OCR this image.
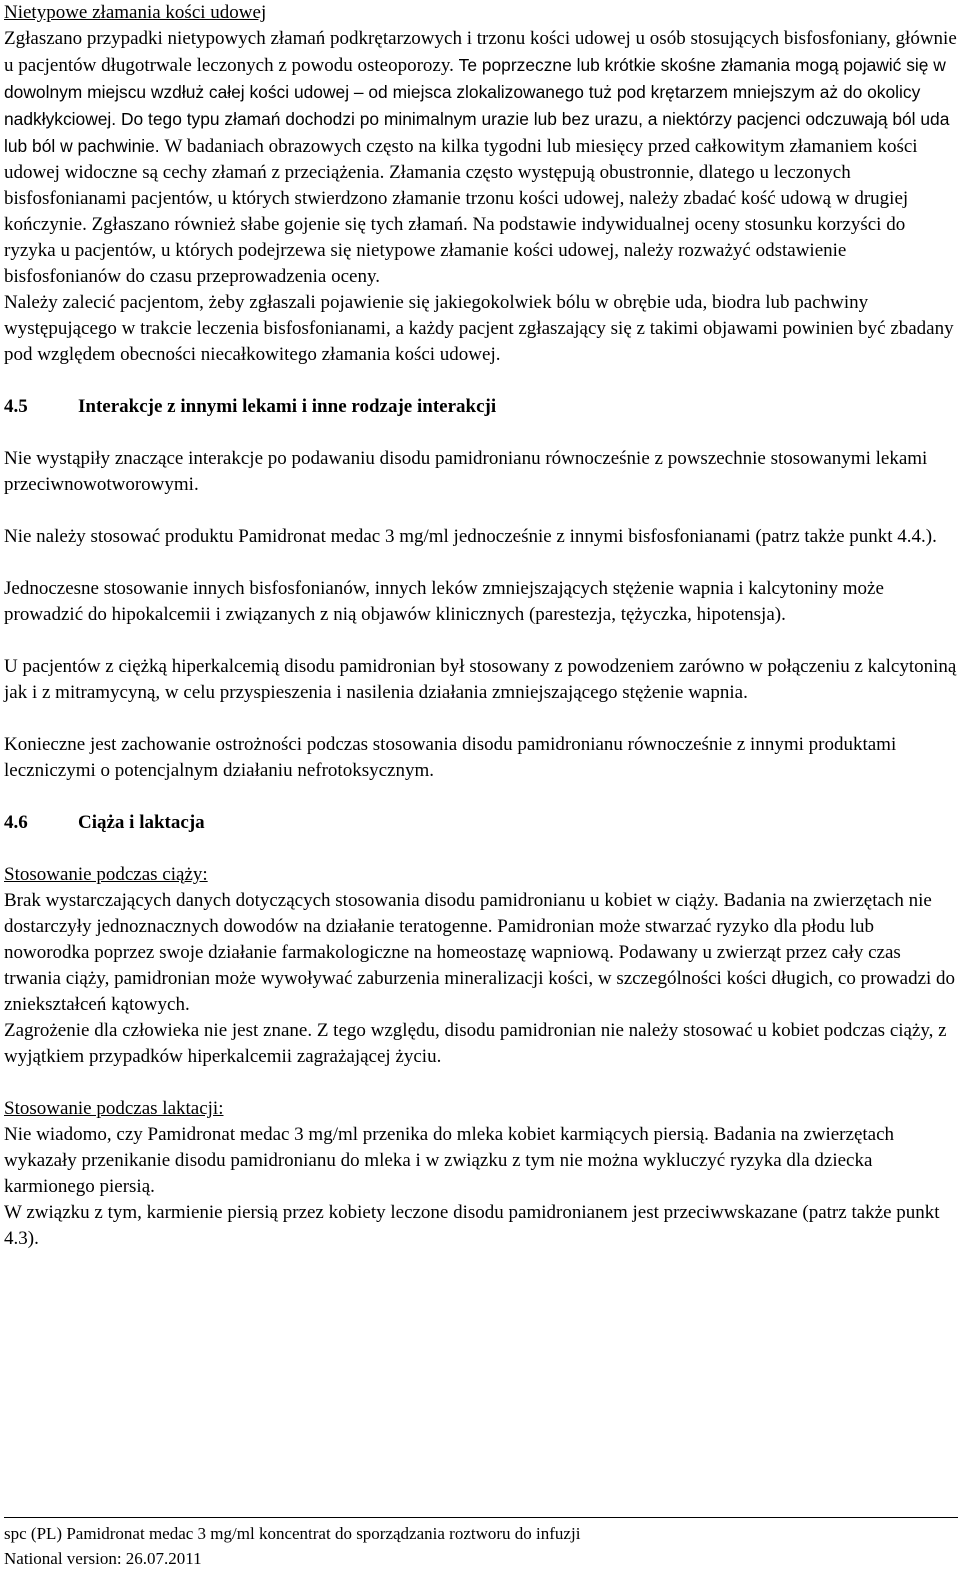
Nietypowe złamania kości udowej

Zgłaszano przypadki nietypowych złamań podkrętarzowych i trzonu kości udowej u osób stosujących bisfosfoniany, głównie u pacjentów długotrwale leczonych z powodu osteoporozy. Te poprzeczne lub krótkie skośne złamania mogą pojawić się w dowolnym miejscu wzdłuż całej kości udowej – od miejsca zlokalizowanego tuż pod krętarzem mniejszym aż do okolicy nadkłykciowej. Do tego typu złamań dochodzi po minimalnym urazie lub bez urazu, a niektórzy pacjenci odczuwają ból uda lub ból w pachwinie. W badaniach obrazowych często na kilka tygodni lub miesięcy przed całkowitym złamaniem kości udowej widoczne są cechy złamań z przeciążenia. Złamania często występują obustronnie, dlatego u leczonych bisfosfonianami pacjentów, u których stwierdzono złamanie trzonu kości udowej, należy zbadać kość udową w drugiej kończynie. Zgłaszano również słabe gojenie się tych złamań. Na podstawie indywidualnej oceny stosunku korzyści do ryzyka u pacjentów, u których podejrzewa się nietypowe złamanie kości udowej, należy rozważyć odstawienie bisfosfonianów do czasu przeprowadzenia oceny.

Należy zalecić pacjentom, żeby zgłaszali pojawienie się jakiegokolwiek bólu w obrębie uda, biodra lub pachwiny występującego w trakcie leczenia bisfosfonianami, a każdy pacjent zgłaszający się z takimi objawami powinien być zbadany pod względem obecności niecałkowitego złamania kości udowej.

4.5	Interakcje z innymi lekami i inne rodzaje interakcji

Nie wystąpiły znaczące interakcje po podawaniu disodu pamidronianu równocześnie z powszechnie stosowanymi lekami przeciwnowotworowymi.

Nie należy stosować produktu Pamidronat medac 3 mg/ml jednocześnie z innymi bisfosfonianami (patrz także punkt 4.4.).

Jednoczesne stosowanie innych bisfosfonianów, innych leków zmniejszających stężenie wapnia i kalcytoniny może prowadzić do hipokalcemii i związanych z nią objawów klinicznych (parestezja, tężyczka, hipotensja).

U pacjentów z ciężką hiperkalcemią disodu pamidronian był stosowany z powodzeniem zarówno w połączeniu z kalcytoniną jak i z mitramycyną, w celu przyspieszenia i nasilenia działania zmniejszającego stężenie wapnia.

Konieczne jest zachowanie ostrożności podczas stosowania disodu pamidronianu równocześnie z innymi produktami leczniczymi o potencjalnym działaniu nefrotoksycznym.

4.6	Ciąża i laktacja

Stosowanie podczas ciąży:

Brak wystarczających danych dotyczących stosowania disodu pamidronianu u kobiet w ciąży. Badania na zwierzętach nie dostarczyły jednoznacznych dowodów na działanie teratogenne. Pamidronian może stwarzać ryzyko dla płodu lub noworodka poprzez swoje działanie farmakologiczne na homeostazę wapniową. Podawany u zwierząt przez cały czas trwania ciąży, pamidronian może wywoływać zaburzenia mineralizacji kości, w szczególności kości długich, co prowadzi do zniekształceń kątowych.

Zagrożenie dla człowieka nie jest znane. Z tego względu, disodu pamidronian nie należy stosować u kobiet podczas ciąży, z wyjątkiem przypadków hiperkalcemii zagrażającej życiu.

Stosowanie podczas laktacji:

Nie wiadomo, czy Pamidronat medac 3 mg/ml przenika do mleka kobiet karmiących piersią. Badania na zwierzętach wykazały przenikanie disodu pamidronianu do mleka i w związku z tym nie można wykluczyć ryzyka dla dziecka karmionego piersią.

W związku z tym, karmienie piersią przez kobiety leczone disodu pamidronianem jest przeciwwskazane (patrz także punkt 4.3).

spc (PL) Pamidronat medac 3 mg/ml koncentrat do sporządzania roztworu do infuzji
National version: 26.07.2011
